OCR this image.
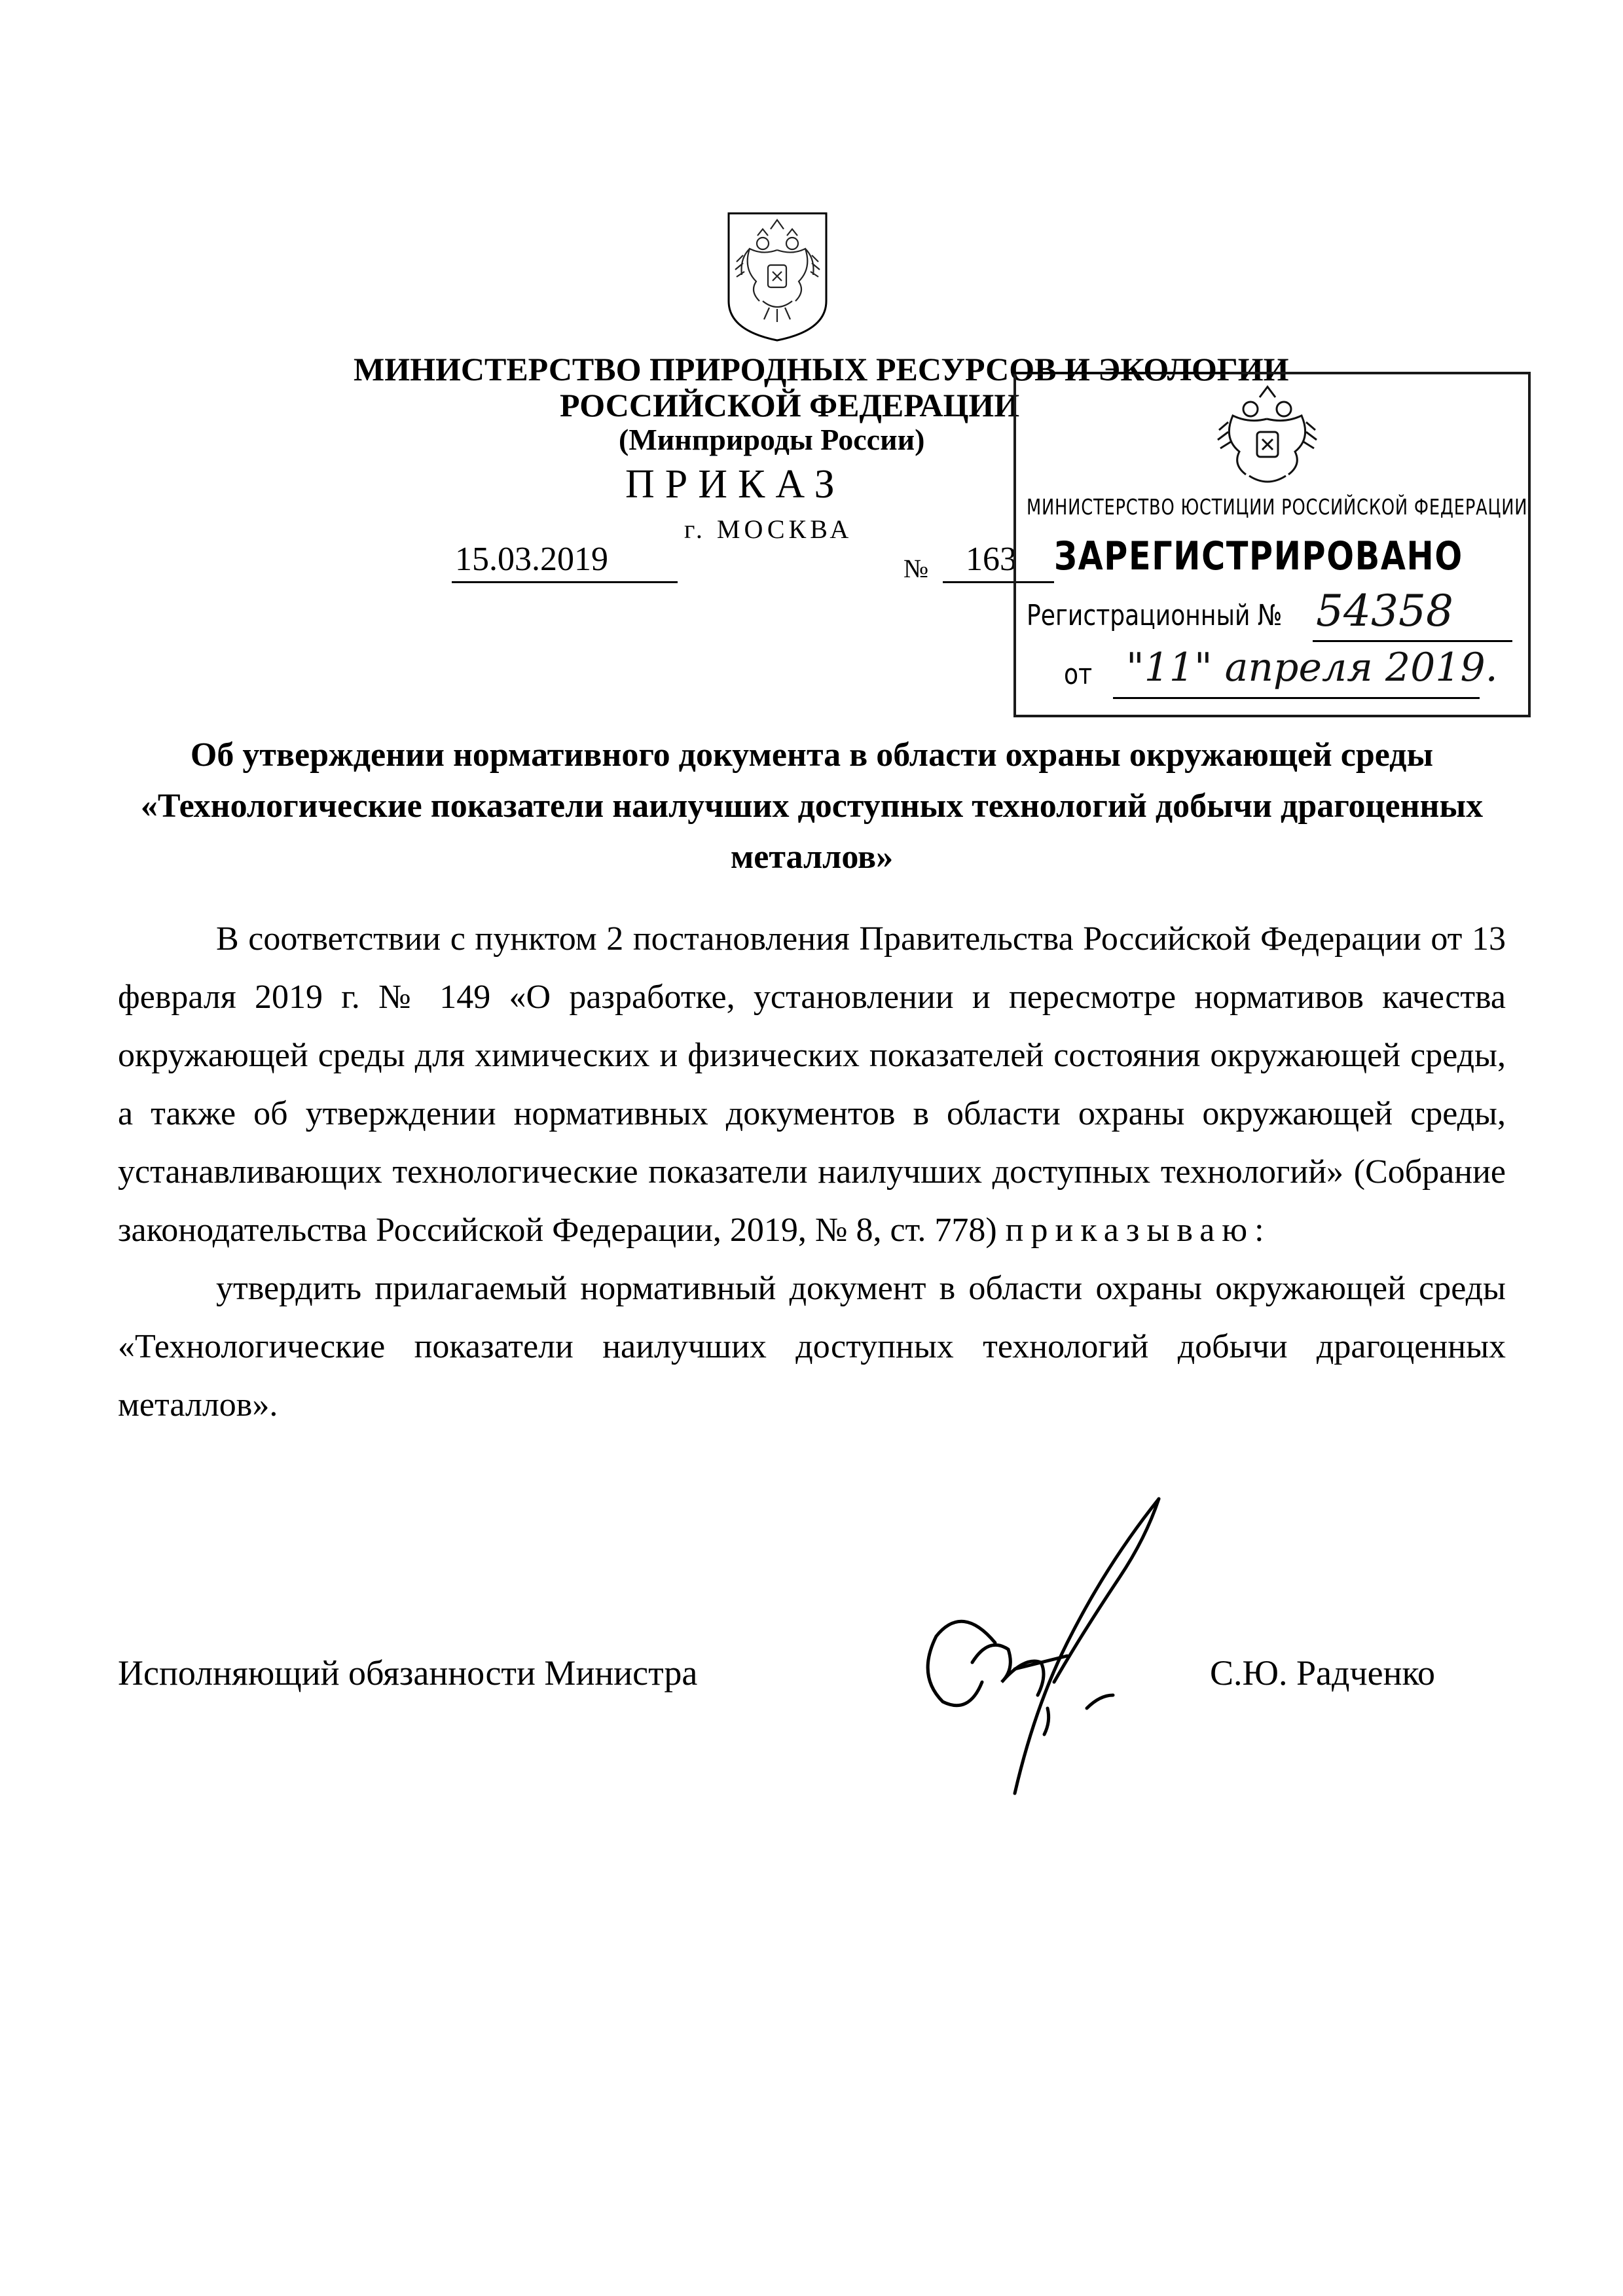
МИНИСТЕРСТВО ПРИРОДНЫХ РЕСУРСОВ И ЭКОЛОГИИ
РОССИЙСКОЙ ФЕДЕРАЦИИ
(Минприроды России)
ПРИКАЗ
г. МОСКВА
15.03.2019	№ 163
МИНИСТЕРСТВО ЮСТИЦИИ РОССИЙСКОЙ ФЕДЕРАЦИИ
ЗАРЕГИСТРИРОВАНО
Регистрационный № 54358
от "11" апреля 2019.
Об утверждении нормативного документа в области охраны окружающей среды «Технологические показатели наилучших доступных технологий добычи драгоценных металлов»

В соответствии с пунктом 2 постановления Правительства Российской Федерации от 13 февраля 2019 г. № 149 «О разработке, установлении и пересмотре нормативов качества окружающей среды для химических и физических показателей состояния окружающей среды, а также об утверждении нормативных документов в области охраны окружающей среды, устанавливающих технологические показатели наилучших доступных технологий» (Собрание законодательства Российской Федерации, 2019, № 8, ст. 778) приказываю:

утвердить прилагаемый нормативный документ в области охраны окружающей среды «Технологические показатели наилучших доступных технологий добычи драгоценных металлов».

Исполняющий обязанности Министра	С.Ю. Радченко
